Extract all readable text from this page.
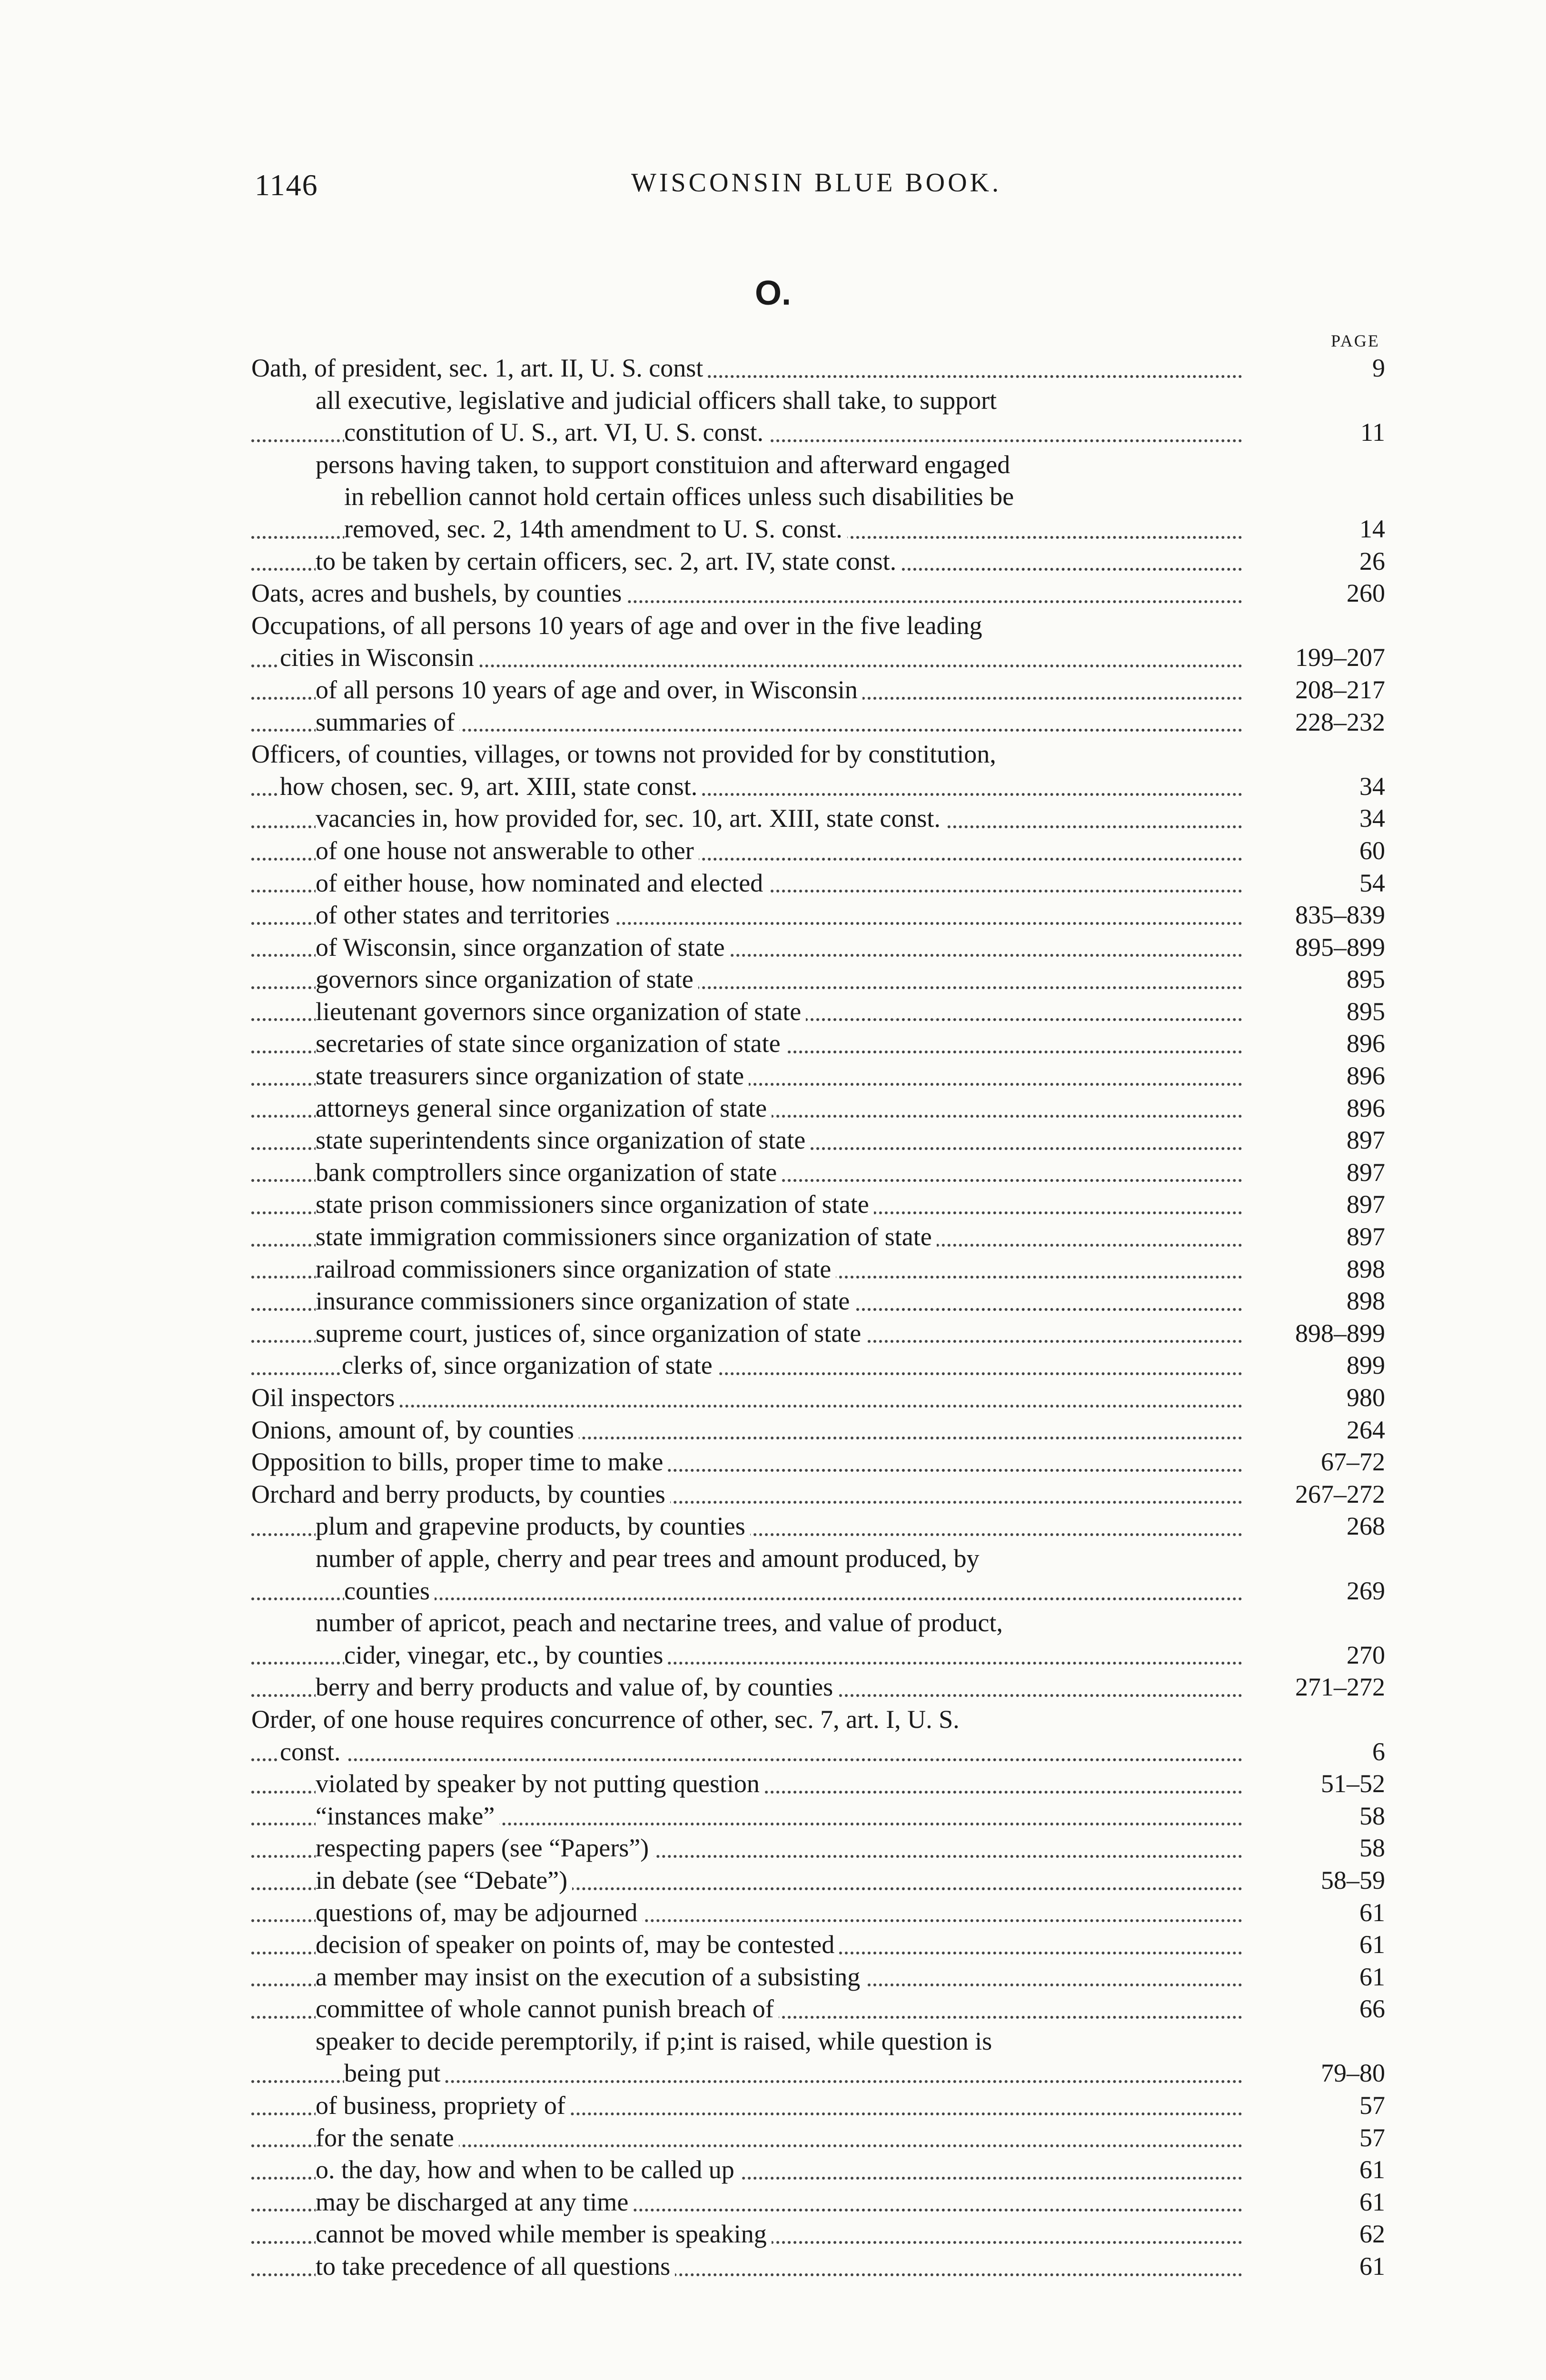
1146	WISCONSIN BLUE BOOK.
O.
PAGE
Oath, of president, sec. 1, art. II, U. S. const	9
all executive, legislative and judicial officers shall take, to support
constitution of U. S., art. VI, U. S. const.	11
persons having taken, to support constituion and afterward engaged
in rebellion cannot hold certain offices unless such disabilities be
removed, sec. 2, 14th amendment to U. S. const.	14
to be taken by certain officers, sec. 2, art. IV, state const.	26
Oats, acres and bushels, by counties	260
Occupations, of all persons 10 years of age and over in the five leading
cities in Wisconsin	199–207
of all persons 10 years of age and over, in Wisconsin	208–217
summaries of	228–232
Officers, of counties, villages, or towns not provided for by constitution,
how chosen, sec. 9, art. XIII, state const.	34
vacancies in, how provided for, sec. 10, art. XIII, state const.	34
of one house not answerable to other	60
of either house, how nominated and elected	54
of other states and territories	835–839
of Wisconsin, since organzation of state	895–899
governors since organization of state	895
lieutenant governors since organization of state	895
secretaries of state since organization of state	896
state treasurers since organization of state	896
attorneys general since organization of state	896
state superintendents since organization of state	897
bank comptrollers since organization of state	897
state prison commissioners since organization of state	897
state immigration commissioners since organization of state	897
railroad commissioners since organization of state	898
insurance commissioners since organization of state	898
supreme court, justices of, since organization of state	898–899
clerks of, since organization of state	899
Oil inspectors	980
Onions, amount of, by counties	264
Opposition to bills, proper time to make	67–72
Orchard and berry products, by counties	267–272
plum and grapevine products, by counties	268
number of apple, cherry and pear trees and amount produced, by
counties	269
number of apricot, peach and nectarine trees, and value of product,
cider, vinegar, etc., by counties	270
berry and berry products and value of, by counties	271–272
Order, of one house requires concurrence of other, sec. 7, art. I, U. S.
const.	6
violated by speaker by not putting question	51–52
“instances make”	58
respecting papers (see “Papers”)	58
in debate (see “Debate”)	58–59
questions of, may be adjourned	61
decision of speaker on points of, may be contested	61
a member may insist on the execution of a subsisting	61
committee of whole cannot punish breach of	66
speaker to decide peremptorily, if p;int is raised, while question is
being put	79–80
of business, propriety of	57
for the senate	57
o. the day, how and when to be called up	61
may be discharged at any time	61
cannot be moved while member is speaking	62
to take precedence of all questions	61
